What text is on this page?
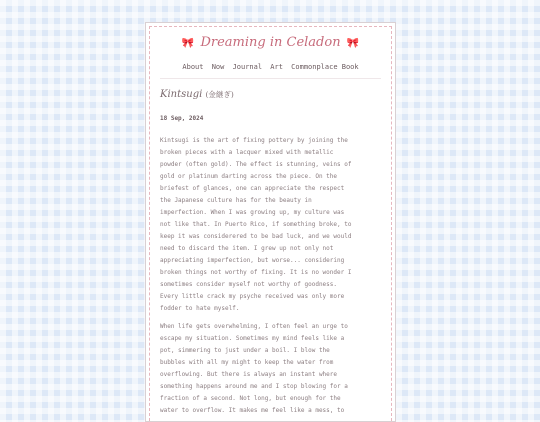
🎀 Dreaming in Celadon 🎀
About Now Journal Art Commonplace Book
Kintsugi (金継ぎ)
18 Sep, 2024

Kintsugi is the art of fixing pottery by joining the
broken pieces with a lacquer mixed with metallic
powder (often gold). The effect is stunning, veins of
gold or platinum darting across the piece. On the
briefest of glances, one can appreciate the respect
the Japanese culture has for the beauty in
imperfection. When I was growing up, my culture was
not like that. In Puerto Rico, if something broke, to
keep it was considerered to be bad luck, and we would
need to discard the item. I grew up not only not
appreciating imperfection, but worse... considering
broken things not worthy of fixing. It is no wonder I
sometimes consider myself not worthy of goodness.
Every little crack my psyche received was only more
fodder to hate myself.

When life gets overwhelming, I often feel an urge to
escape my situation. Sometimes my mind feels like a
pot, simmering to just under a boil. I blow the
bubbles with all my might to keep the water from
overflowing. But there is always an instant where
something happens around me and I stop blowing for a
fraction of a second. Not long, but enough for the
water to overflow. It makes me feel like a mess, to
